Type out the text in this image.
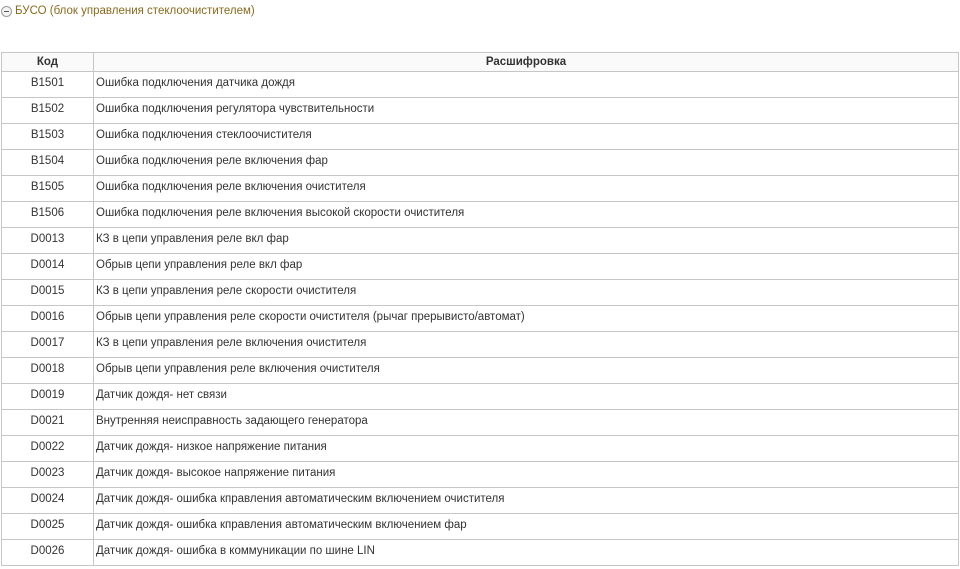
БУСО (блок управления стеклоочистителем)
Код	Расшифровка
B1501	Ошибка подключения датчика дождя
B1502	Ошибка подключения регулятора чувствительности
B1503	Ошибка подключения стеклоочистителя
B1504	Ошибка подключения реле включения фар
B1505	Ошибка подключения реле включения очистителя
B1506	Ошибка подключения реле включения высокой скорости очистителя
D0013	КЗ в цепи управления реле вкл фар
D0014	Обрыв цепи управления реле вкл фар
D0015	КЗ в цепи управления реле скорости очистителя
D0016	Обрыв цепи управления реле скорости очистителя (рычаг прерывисто/автомат)
D0017	КЗ в цепи управления реле включения очистителя
D0018	Обрыв цепи управления реле включения очистителя
D0019	Датчик дождя- нет связи
D0021	Внутренняя неисправность задающего генератора
D0022	Датчик дождя- низкое напряжение питания
D0023	Датчик дождя- высокое напряжение питания
D0024	Датчик дождя- ошибка кправления автоматическим включением очистителя
D0025	Датчик дождя- ошибка кправления автоматическим включением фар
D0026	Датчик дождя- ошибка в коммуникации по шине LIN
